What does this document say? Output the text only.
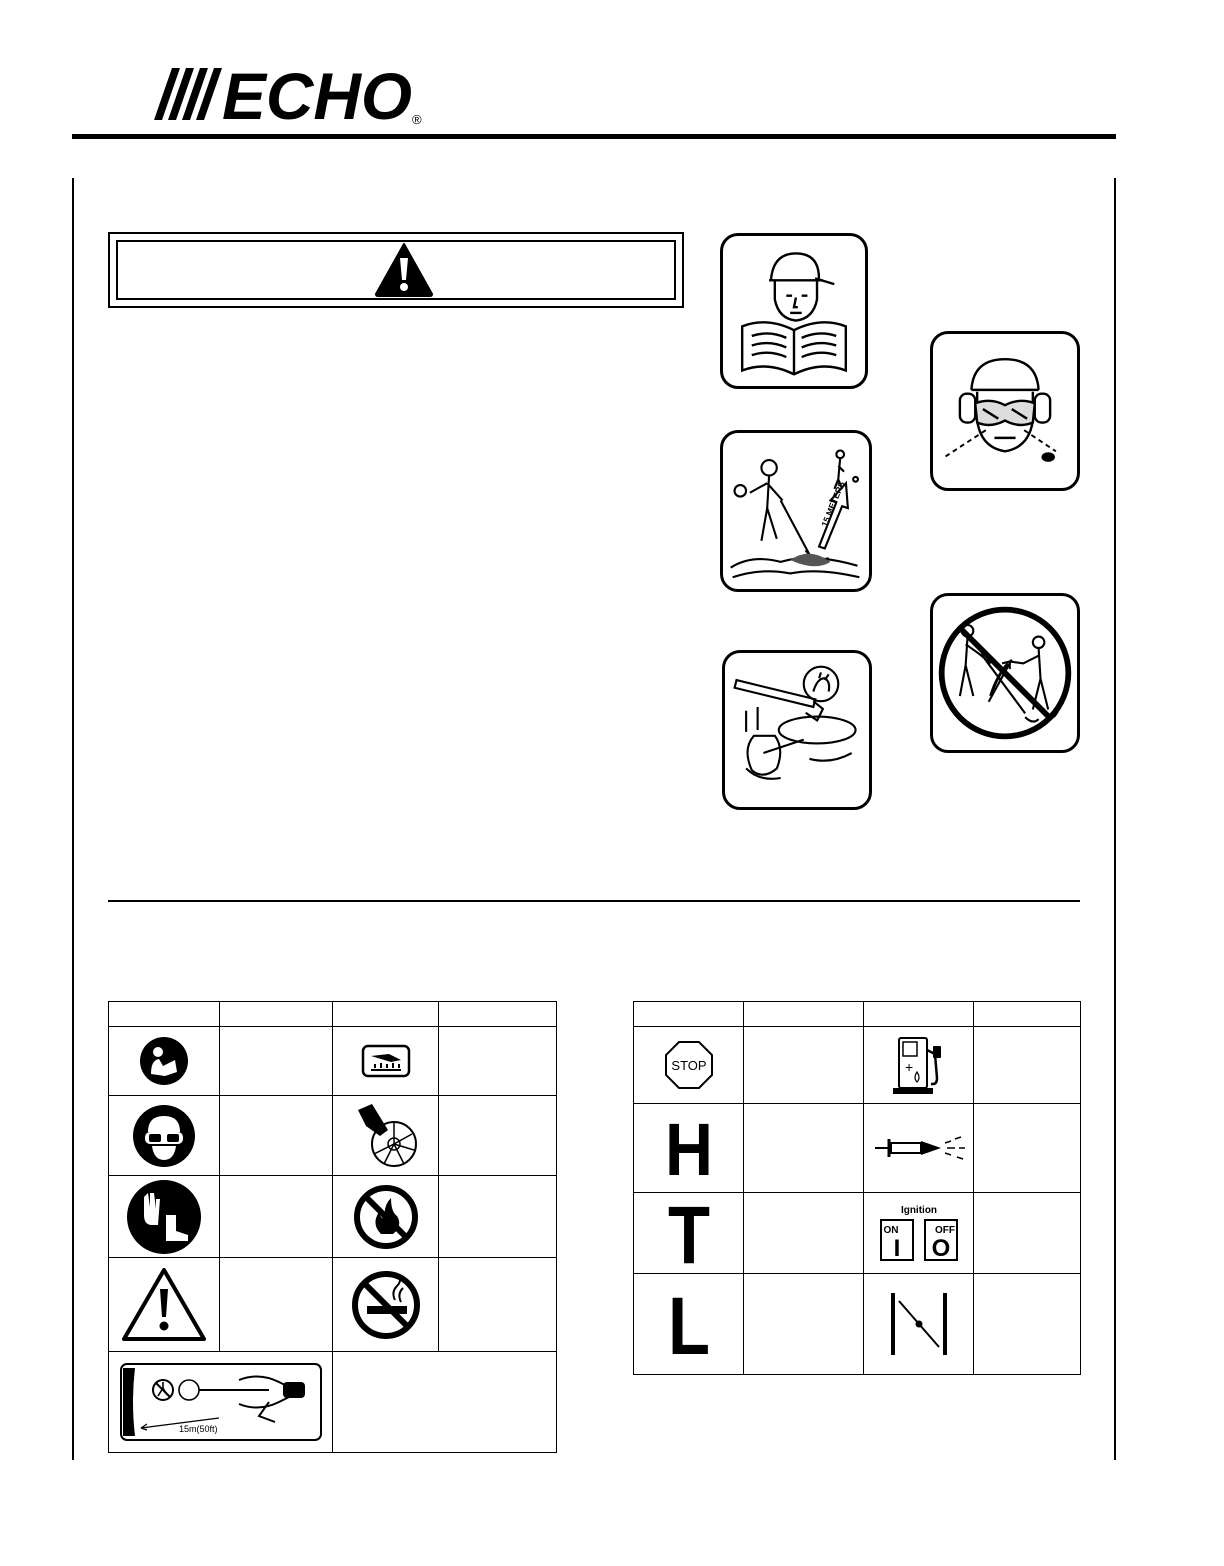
ECHO ®
15 METERS

360°
15m(50ft)			

STOP		+	

H

T		Ignition
ON
I
OFF
O	

L
